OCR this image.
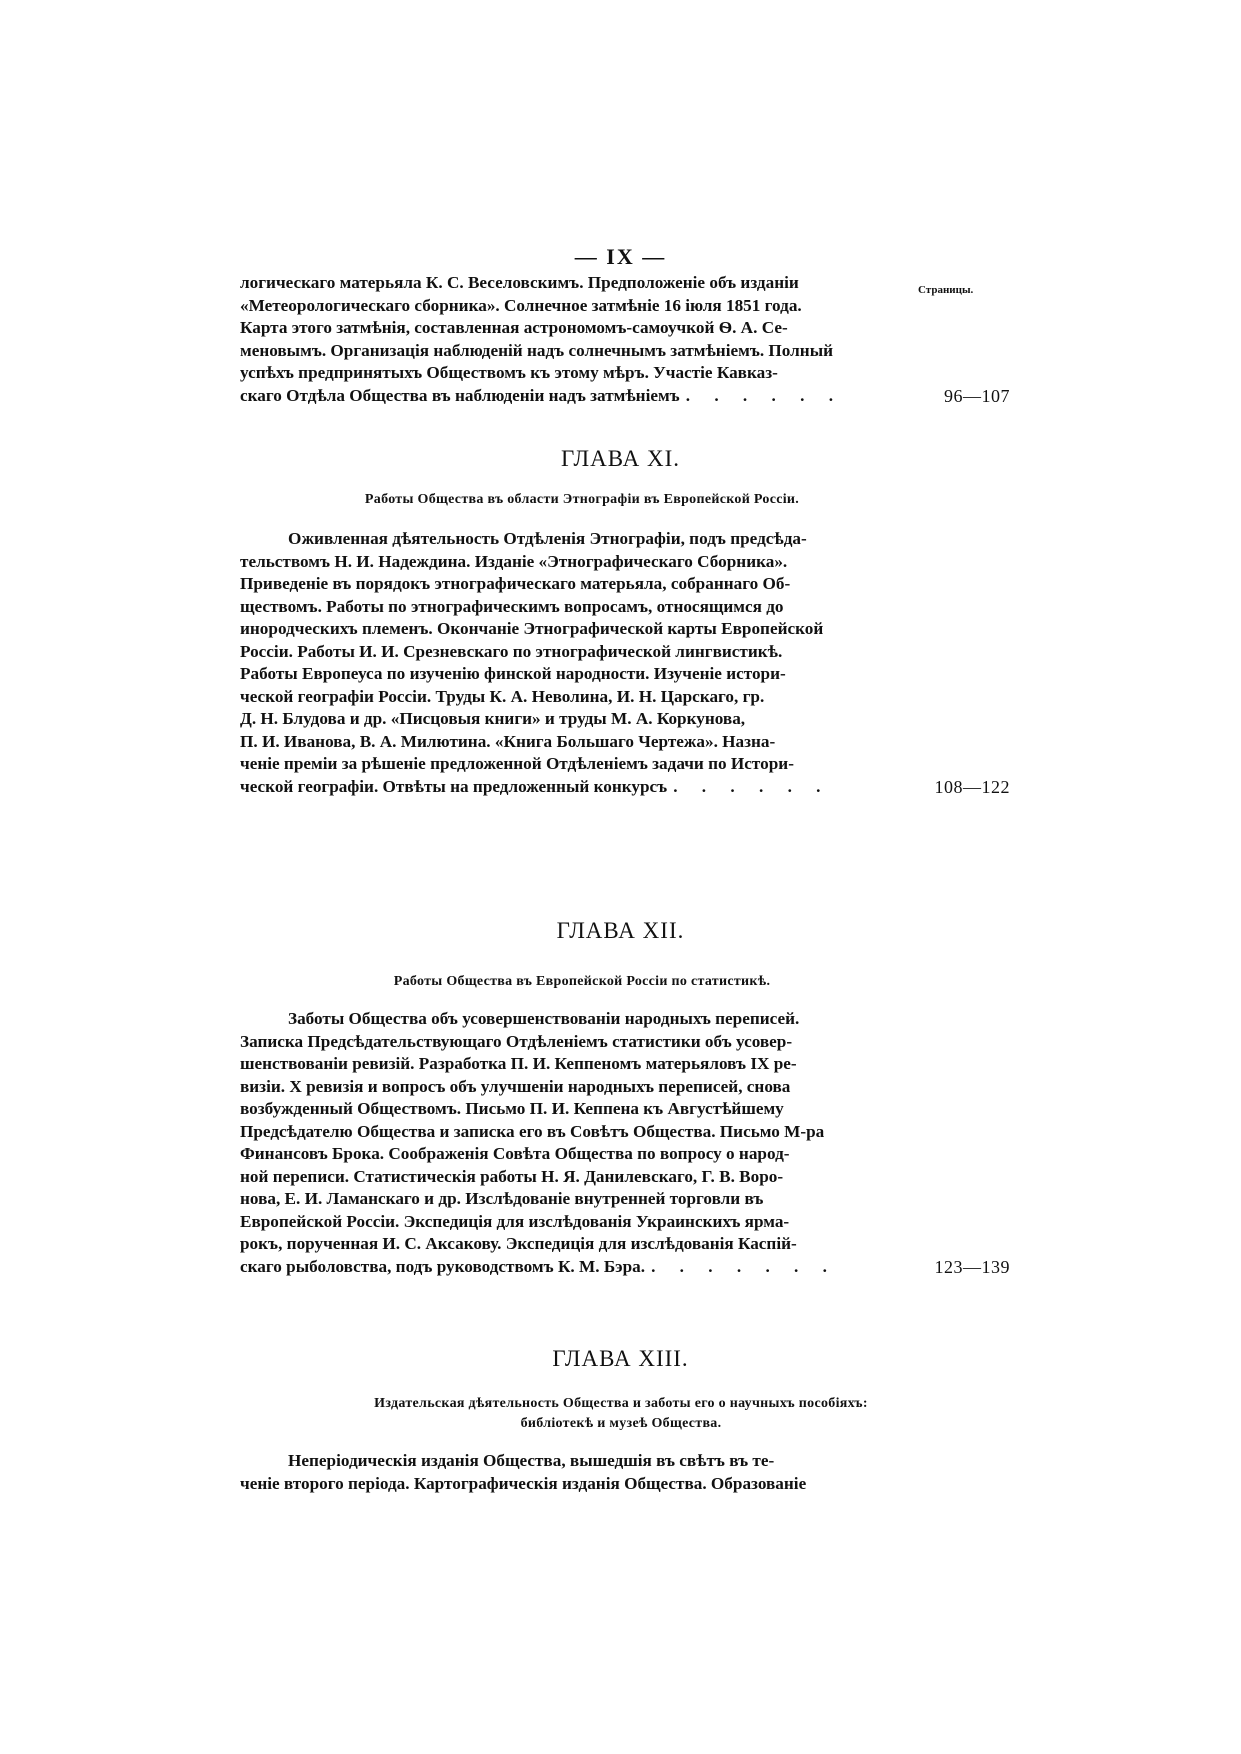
— IX —
Страницы.
логическаго матерьяла К. С. Веселовскимъ. Предположеніе объ изданіи
«Метеорологическаго сборника». Солнечное затмѣніе 16 іюля 1851 года.
Карта этого затмѣнія, составленная астрономомъ-самоучкой Ѳ. А. Се-
меновымъ. Организація наблюденій надъ солнечнымъ затмѣніемъ. Полный
успѣхъ предпринятыхъ Обществомъ къ этому мѣръ. Участіе Кавказ-
скаго Отдѣла Общества въ наблюденіи надъ затмѣніемъ . . . . . .	96—107
ГЛАВА XI.
Работы Общества въ области Этнографіи въ Европейской Россіи.
Оживленная дѣятельность Отдѣленія Этнографіи, подъ предсѣда-
тельствомъ Н. И. Надеждина. Изданіе «Этнографическаго Сборника».
Приведеніе въ порядокъ этнографическаго матерьяла, собраннаго Об-
ществомъ. Работы по этнографическимъ вопросамъ, относящимся до
инородческихъ племенъ. Окончаніе Этнографической карты Европейской
Россіи. Работы И. И. Срезневскаго по этнографической лингвистикѣ.
Работы Европеуса по изученію финской народности. Изученіе истори-
ческой географіи Россіи. Труды К. А. Неволина, И. Н. Царскаго, гр.
Д. Н. Блудова и др. «Писцовыя книги» и труды М. А. Коркунова,
П. И. Иванова, В. А. Милютина. «Книга Большаго Чертежа». Назна-
ченіе преміи за рѣшеніе предложенной Отдѣленіемъ задачи по Истори-
ческой географіи. Отвѣты на предложенный конкурсъ . . . . . .	108—122
ГЛАВА XII.
Работы Общества въ Европейской Россіи по статистикѣ.
Заботы Общества объ усовершенствованіи народныхъ переписей.
Записка Предсѣдательствующаго Отдѣленіемъ статистики объ усовер-
шенствованіи ревизій. Разработка П. И. Кеппеномъ матерьяловъ IX ре-
визіи. X ревизія и вопросъ объ улучшеніи народныхъ переписей, снова
возбужденный Обществомъ. Письмо П. И. Кеппена къ Августѣйшему
Предсѣдателю Общества и записка его въ Совѣтъ Общества. Письмо М-ра
Финансовъ Брока. Соображенія Совѣта Общества по вопросу о народ-
ной переписи. Статистическія работы Н. Я. Данилевскаго, Г. В. Воро-
нова, Е. И. Ламанскаго и др. Изслѣдованіе внутренней торговли въ
Европейской Россіи. Экспедиція для изслѣдованія Украинскихъ ярма-
рокъ, порученная И. С. Аксакову. Экспедиція для изслѣдованія Каспій-
скаго рыболовства, подъ руководствомъ К. М. Бэра. . . . . . . .	123—139
ГЛАВА XIII.
Издательская дѣятельность Общества и заботы его о научныхъ пособіяхъ:
библіотекѣ и музеѣ Общества.
Неперіодическія изданія Общества, вышедшія въ свѣтъ въ те-
ченіе второго періода. Картографическія изданія Общества. Образованіе
